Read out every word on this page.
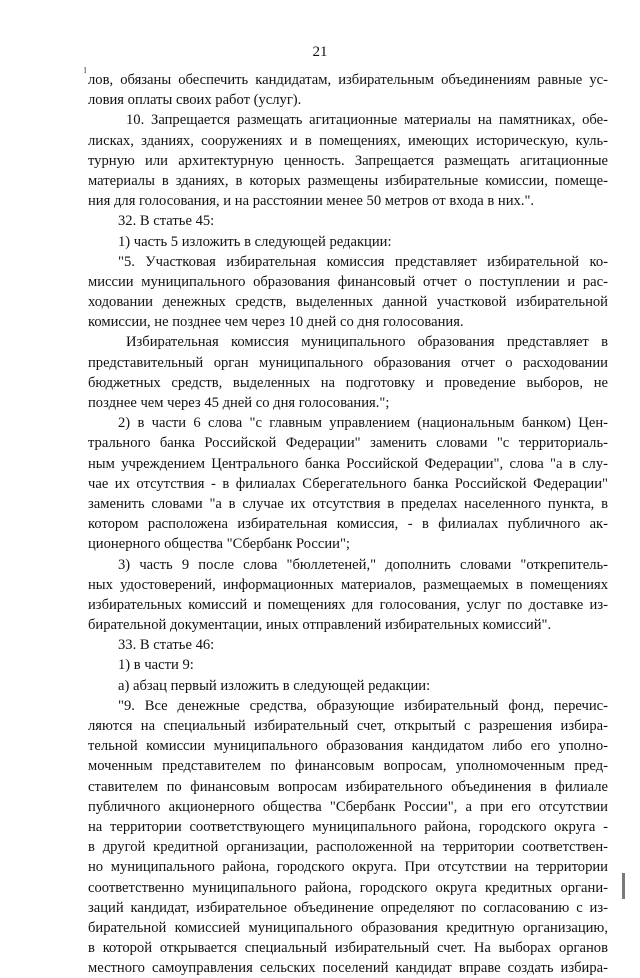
21
ˡ лов, обязаны обеспечить кандидатам, избирательным объединениям равные ус-
ловия оплаты своих работ (услуг).
10. Запрещается размещать агитационные материалы на памятниках, обе-
лисках, зданиях, сооружениях и в помещениях, имеющих историческую, куль-
турную или архитектурную ценность. Запрещается размещать агитационные
материалы в зданиях, в которых размещены избирательные комиссии, помеще-
ния для голосования, и на расстоянии менее 50 метров от входа в них.".
32. В статье 45:
1) часть 5 изложить в следующей редакции:
"5. Участковая избирательная комиссия представляет избирательной ко-
миссии муниципального образования финансовый отчет о поступлении и рас-
ходовании денежных средств, выделенных данной участковой избирательной
комиссии, не позднее чем через 10 дней со дня голосования.
Избирательная комиссия муниципального образования представляет в
представительный орган муниципального образования отчет о расходовании
бюджетных средств, выделенных на подготовку и проведение выборов, не
позднее чем через 45 дней со дня голосования.";
2) в части 6 слова "с главным управлением (национальным банком) Цен-
трального банка Российской Федерации" заменить словами "с территориаль-
ным учреждением Центрального банка Российской Федерации", слова "а в слу-
чае их отсутствия - в филиалах Сберегательного банка Российской Федерации"
заменить словами "а в случае их отсутствия в пределах населенного пункта, в
котором расположена избирательная комиссия, - в филиалах публичного ак-
ционерного общества "Сбербанк России";
3) часть 9 после слова "бюллетеней," дополнить словами "открепитель-
ных удостоверений, информационных материалов, размещаемых в помещениях
избирательных комиссий и помещениях для голосования, услуг по доставке из-
бирательной документации, иных отправлений избирательных комиссий".
33. В статье 46:
1) в части 9:
а) абзац первый изложить в следующей редакции:
"9. Все денежные средства, образующие избирательный фонд, перечис-
ляются на специальный избирательный счет, открытый с разрешения избира-
тельной комиссии муниципального образования кандидатом либо его уполно-
моченным представителем по финансовым вопросам, уполномоченным пред-
ставителем по финансовым вопросам избирательного объединения в филиале
публичного акционерного общества "Сбербанк России", а при его отсутствии
на территории соответствующего муниципального района, городского округа -
в другой кредитной организации, расположенной на территории соответствен-
но муниципального района, городского округа. При отсутствии на территории
соответственно муниципального района, городского округа кредитных органи-
заций кандидат, избирательное объединение определяют по согласованию с из-
бирательной комиссией муниципального образования кредитную организацию,
в которой открывается специальный избирательный счет. На выборах органов
местного самоуправления сельских поселений кандидат вправе создать избира-
